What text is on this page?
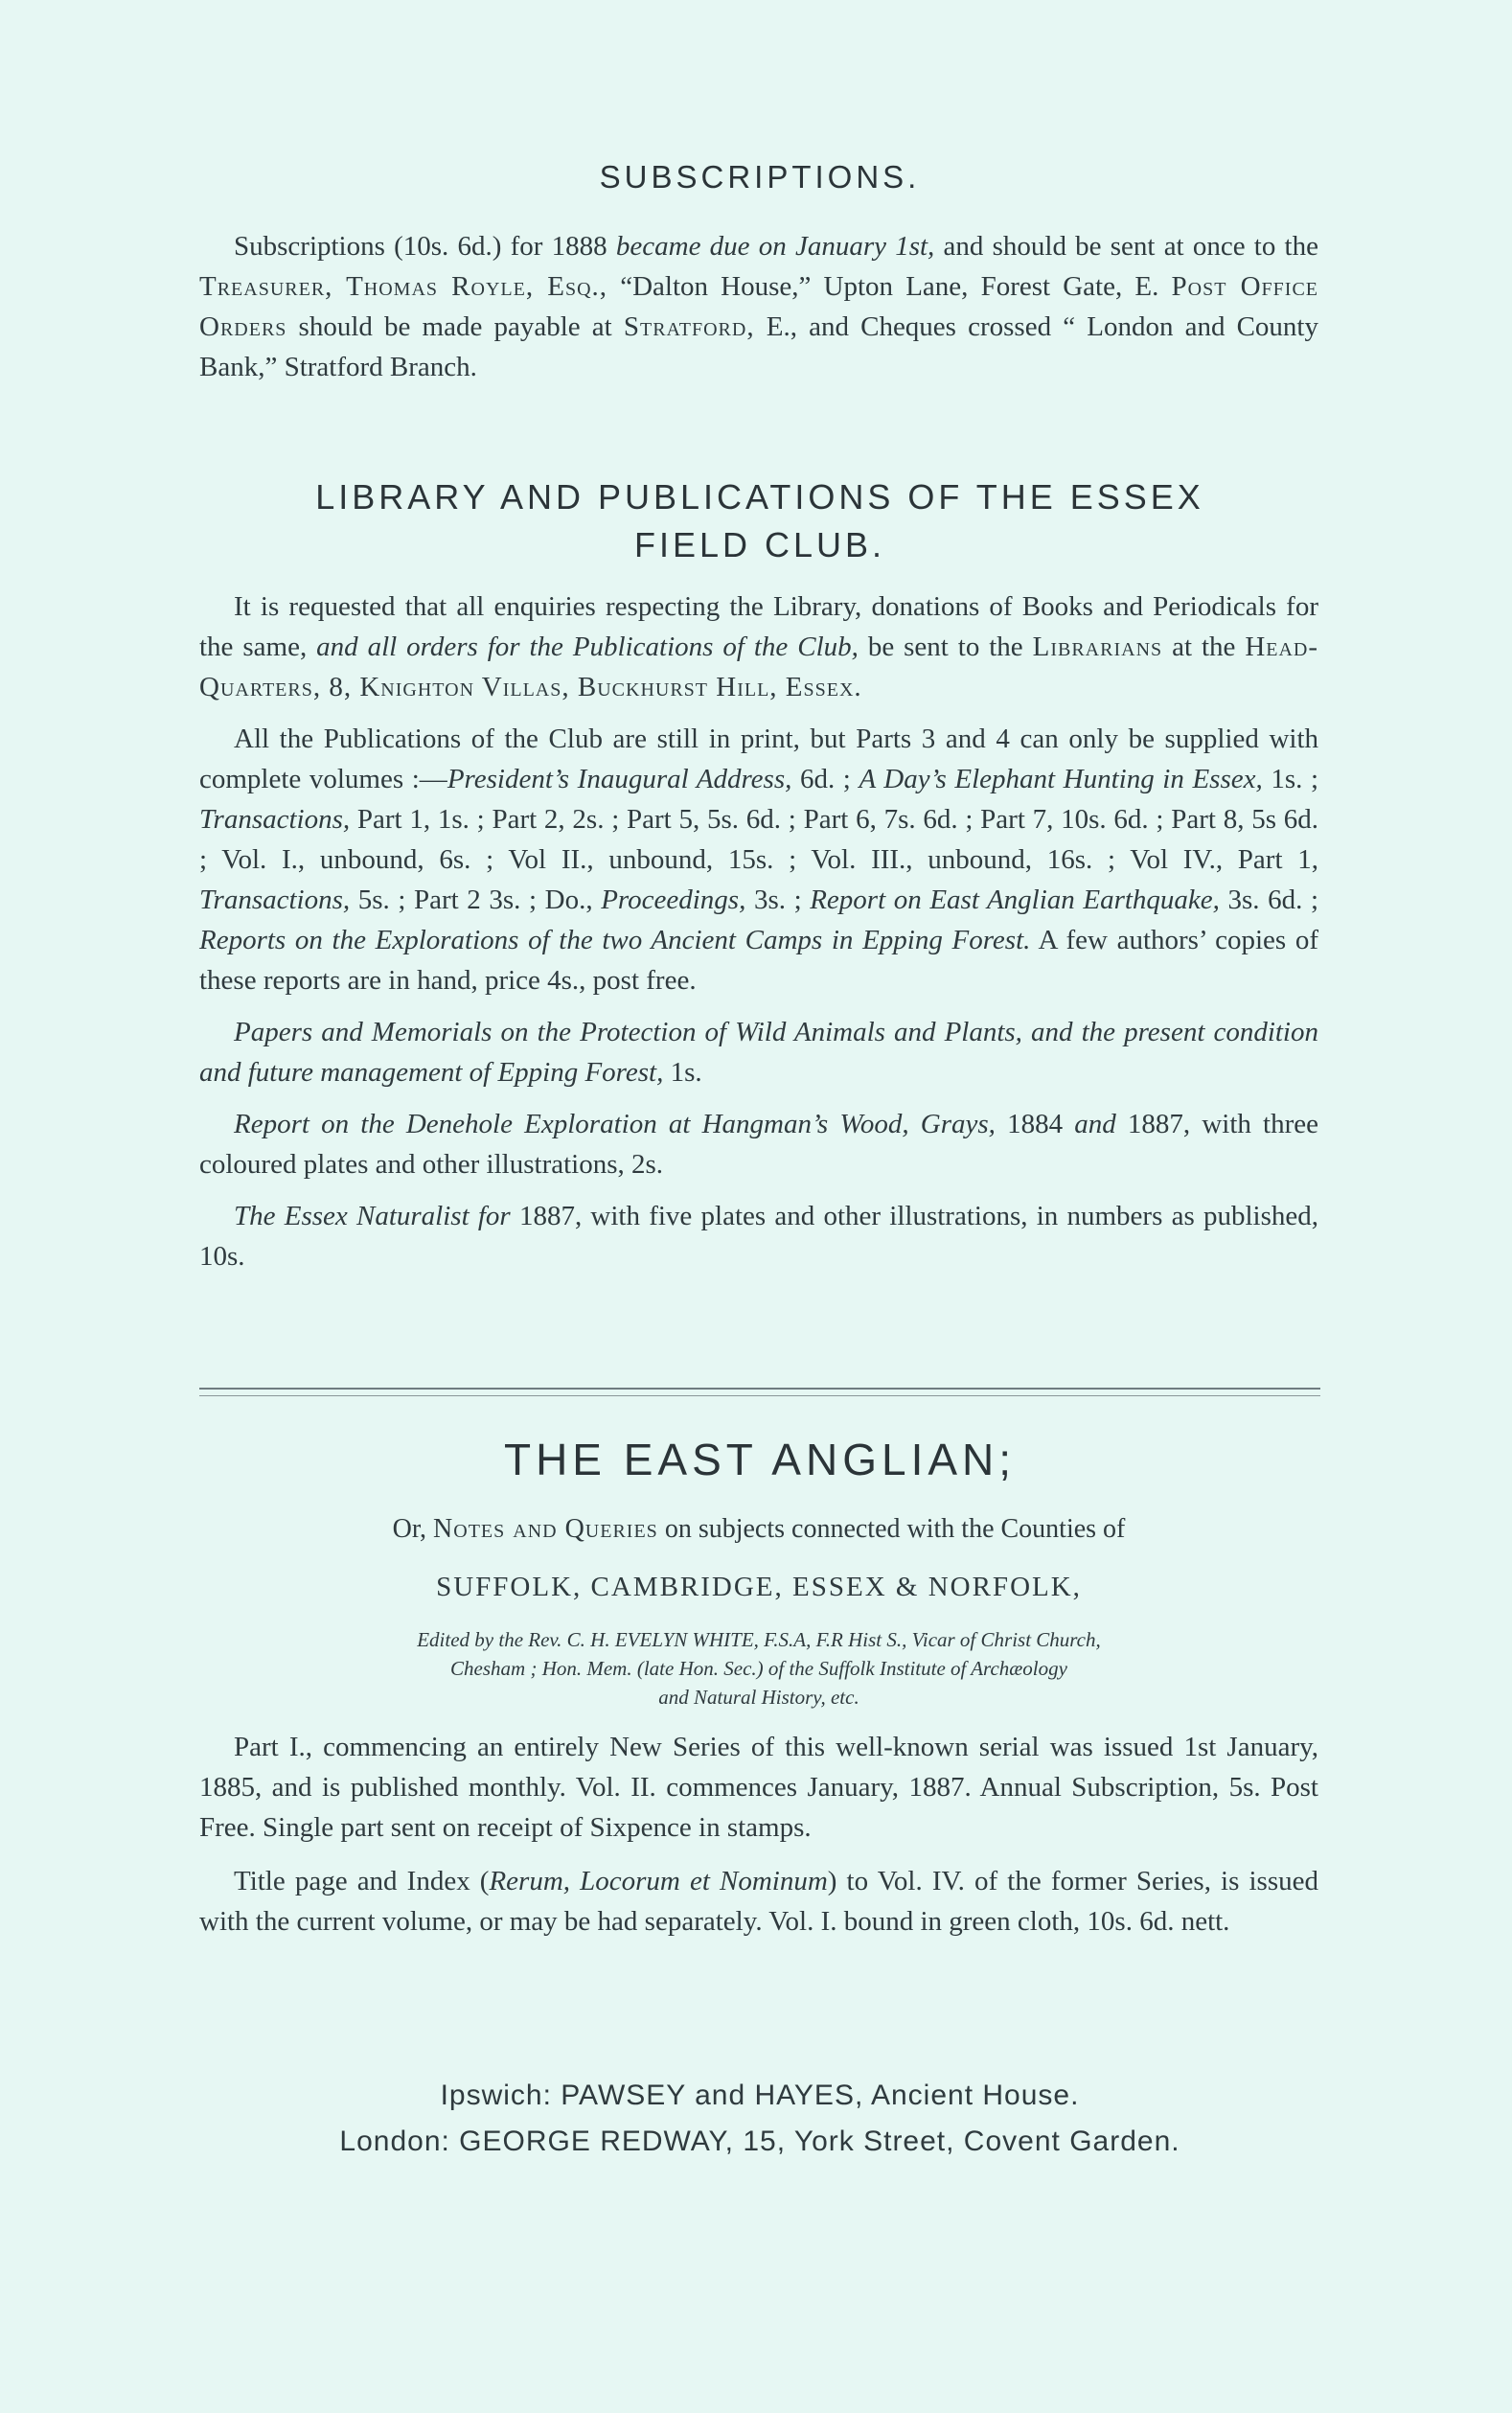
SUBSCRIPTIONS.

Subscriptions (10s. 6d.) for 1888 became due on January 1st, and should be sent at once to the Treasurer, Thomas Royle, Esq., “Dalton House,” Upton Lane, Forest Gate, E. Post Office Orders should be made payable at Stratford, E., and Cheques crossed “ London and County Bank,” Stratford Branch.

LIBRARY AND PUBLICATIONS OF THE ESSEX
FIELD CLUB.

It is requested that all enquiries respecting the Library, donations of Books and Periodicals for the same, and all orders for the Publications of the Club, be sent to the Librarians at the Head-Quarters, 8, Knighton Villas, Buckhurst Hill, Essex.

All the Publications of the Club are still in print, but Parts 3 and 4 can only be supplied with complete volumes :—President’s Inaugural Address, 6d. ; A Day’s Elephant Hunting in Essex, 1s. ; Transactions, Part 1, 1s. ; Part 2, 2s. ; Part 5, 5s. 6d. ; Part 6, 7s. 6d. ; Part 7, 10s. 6d. ; Part 8, 5s 6d. ; Vol. I., unbound, 6s. ; Vol II., unbound, 15s. ; Vol. III., unbound, 16s. ; Vol IV., Part 1, Transactions, 5s. ; Part 2 3s. ; Do., Proceedings, 3s. ; Report on East Anglian Earthquake, 3s. 6d. ; Reports on the Explorations of the two Ancient Camps in Epping Forest. A few authors’ copies of these reports are in hand, price 4s., post free.

Papers and Memorials on the Protection of Wild Animals and Plants, and the present condition and future management of Epping Forest, 1s.

Report on the Denehole Exploration at Hangman’s Wood, Grays, 1884 and 1887, with three coloured plates and other illustrations, 2s.

The Essex Naturalist for 1887, with five plates and other illustrations, in numbers as published, 10s.

THE EAST ANGLIAN;

Or, Notes and Queries on subjects connected with the Counties of

SUFFOLK, CAMBRIDGE, ESSEX & NORFOLK,

Edited by the Rev. C. H. EVELYN WHITE, F.S.A, F.R Hist S., Vicar of Christ Church,
Chesham ; Hon. Mem. (late Hon. Sec.) of the Suffolk Institute of Archæology
and Natural History, etc.

Part I., commencing an entirely New Series of this well-known serial was issued 1st January, 1885, and is published monthly. Vol. II. commences January, 1887. Annual Subscription, 5s. Post Free. Single part sent on receipt of Sixpence in stamps.

Title page and Index (Rerum, Locorum et Nominum) to Vol. IV. of the former Series, is issued with the current volume, or may be had separately. Vol. I. bound in green cloth, 10s. 6d. nett.

Ipswich: PAWSEY and HAYES, Ancient House.

London: GEORGE REDWAY, 15, York Street, Covent Garden.
